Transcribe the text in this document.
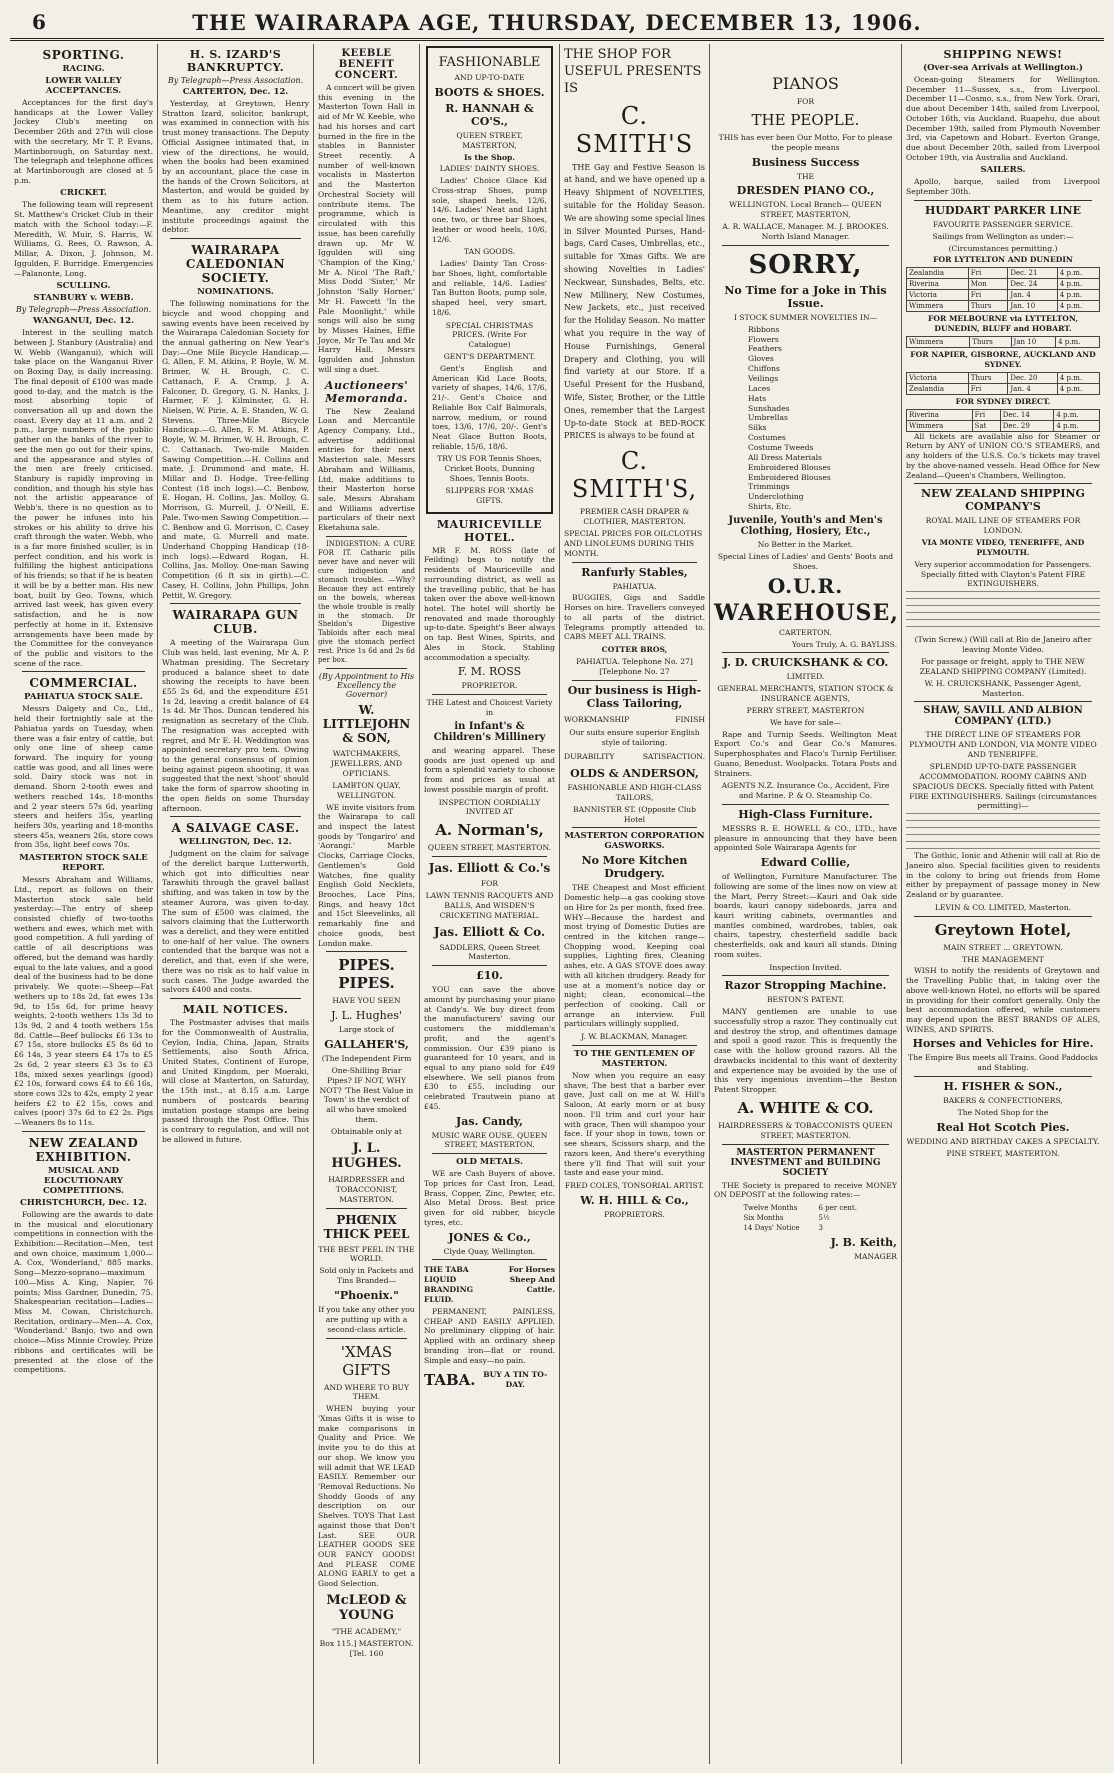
6	THE WAIRARAPA AGE, THURSDAY, DECEMBER 13, 1906.
SPORTING.
RACING.
LOWER VALLEY ACCEPTANCES.

Acceptances for the first day's handicaps at the Lower Valley Jockey Club's meeting on December 26th and 27th will close with the secretary, Mr T. P. Evans, Martinborough, on Saturday next. The telegraph and telephone offices at Martinborough are closed at 5 p.m.

CRICKET.

The following team will represent St. Matthew's Cricket Club in their match with the School today:—F. Meredith, W. Muir, S. Harris, W. Williams, G. Rees, O. Rawson, A. Millar, A. Dixon, J. Johnson, M. Iggulden, F. Burridge. Emergencies—Palanonte, Long.

SCULLING.
STANBURY v. WEBB.
By Telegraph—Press Association.
WANGANUI, Dec. 12.

Interest in the sculling match between J. Stanbury (Australia) and W. Webb (Wanganui), which will take place on the Wanganui River on Boxing Day, is daily increasing. The final deposit of £100 was made good to-day, and the match is the most absorbing topic of conversation all up and down the coast. Every day at 11 a.m. and 2 p.m., large numbers of the public gather on the banks of the river to see the men go out for their spins, and the appearance and styles of the men are freely criticised. Stanbury is rapidly improving in condition, and though his style has not the artistic appearance of Webb's, there is no question as to the power he infuses into his strokes or his ability to drive his craft through the water. Webb, who is a far more finished sculler, is in perfect condition, and his work is fulfilling the highest anticipations of his friends; so that if he is beaten it will be by a better man. His new boat, built by Geo. Towns, which arrived last week, has given every satisfaction, and he is now perfectly at home in it. Extensive arrangements have been made by the Committee for the conveyance of the public and visitors to the scene of the race.

COMMERCIAL.
PAHIATUA STOCK SALE.

Messrs Dalgety and Co., Ltd., held their fortnightly sale at the Pahiatua yards on Tuesday, when there was a fair entry of cattle, but only one line of sheep came forward. The inquiry for young cattle was good, and all lines were sold. Dairy stock was not in demand. Shorn 2-tooth ewes and wethers reached 14s, 18-months and 2 year steers 57s 6d, yearling steers and heifers 35s, yearling heifers 30s, yearling and 18-months steers 45s, weaners 26s, store cows from 35s, light beef cows 70s.

MASTERTON STOCK SALE REPORT.

Messrs Abraham and Williams, Ltd., report as follows on their Masterton stock sale held yesterday:—The entry of sheep consisted chiefly of two-tooths wethers and ewes, which met with good competition. A full yarding of cattle of all descriptions was offered, but the demand was hardly equal to the late values, and a good deal of the business had to be done privately. We quote:—Sheep—Fat wethers up to 18s 2d, fat ewes 13s 9d, to 15s 6d, for prime heavy weights, 2-tooth wethers 13s 3d to 13s 9d, 2 and 4 tooth wethers 15s 8d. Cattle—Beef bullocks £6 13s to £7 15s, store bullocks £5 8s 6d to £6 14s, 3 year steers £4 17s to £5 2s 6d, 2 year steers £3 3s to £3 18s, mixed sexes yearlings (good) £2 10s, forward cows £4 to £6 16s, store cows 32s to 42s, empty 2 year heifers £2 to £2 15s, cows and calves (poor) 37s 6d to £2 2s. Pigs—Weaners 8s to 11s.

NEW ZEALAND EXHIBITION.
MUSICAL AND ELOCUTIONARY COMPETITIONS.
CHRISTCHURCH, Dec. 12.

Following are the awards to date in the musical and elocutionary competitions in connection with the Exhibition:—Recitation—Men, test and own choice, maximum 1,000—A. Cox, 'Wonderland,' 885 marks. Song—Mezzo-soprano—maximum 100—Miss A. King, Napier, 76 points; Miss Gardner, Dunedin, 75. Shakespearian recitation—Ladies—Miss M. Cowan, Christchurch. Recitation, ordinary—Men—A. Cox, 'Wonderland.' Banjo, two and own choice—Miss Minnie Crowley. Prize ribbons and certificates will be presented at the close of the competitions.

H. S. IZARD'S BANKRUPTCY.
By Telegraph—Press Association.
CARTERTON, Dec. 12.

Yesterday, at Greytown, Henry Stratton Izard, solicitor, bankrupt, was examined in connection with his trust money transactions. The Deputy Official Assignee intimated that, in view of the directions, he would, when the books had been examined by an accountant, place the case in the hands of the Crown Solicitors, at Masterton, and would be guided by them as to his future action. Meantime, any creditor might institute proceedings against the debtor.

WAIRARAPA CALEDONIAN SOCIETY.
NOMINATIONS.

The following nominations for the bicycle and wood chopping and sawing events have been received by the Wairarapa Caledonian Society for the annual gathering on New Year's Day:—One Mile Bicycle Handicap.—G. Allen, F. M. Atkins, P. Boyle, W. M. Brimer, W. H. Brough, C. C. Cattanach, F. A. Cramp, J. A. Falconer, D. Gregory, G. N. Hanks, J. Harmer, F. J. Kilminster, G. H. Nielsen, W. Pirie, A. E. Standen, W. G. Stevens. Three-Mile Bicycle Handicap.—G. Allen, F. M. Atkins, P. Boyle, W. M. Brimer, W. H. Brough, C. C. Cattanach. Two-mile Maiden Sawing Competition.—H. Collins and mate, J. Drummond and mate, H. Millar and D. Hodge. Tree-felling Contest (18 inch logs).—C. Benbow, E. Hogan, H. Collins, Jas. Molloy, G. Morrison, G. Murrell, J. O'Neill, E. Pale. Two-men Sawing Competition.—C. Benbow and G. Morrison, C. Casey and mate, G. Murrell and mate. Underhand Chopping Handicap (18-inch logs).—Edward Rogan, H. Collins, Jas. Molloy. One-man Sawing Competition (6 ft six in girth).—C. Casey, H. Collins, John Phillips, John Pettit, W. Gregory.

WAIRARAPA GUN CLUB.

A meeting of the Wairarapa Gun Club was held, last evening, Mr A. P. Whatman presiding. The Secretary produced a balance sheet to date showing the receipts to have been £55 2s 6d, and the expenditure £51 1s 2d, leaving a credit balance of £4 1s 4d. Mr Thos. Duncan tendered his resignation as secretary of the Club. The resignation was accepted with regret, and Mr E. H. Weddington was appointed secretary pro tem. Owing to the general consensus of opinion being against pigeon shooting, it was suggested that the next 'shoot' should take the form of sparrow shooting in the open fields on some Thursday afternoon.

A SALVAGE CASE.
WELLINGTON, Dec. 12.

Judgment on the claim for salvage of the derelict barque Lutterworth, which got into difficulties near Tarawhiti through the gravel ballast shifting, and was taken in tow by the steamer Aurora, was given to-day. The sum of £500 was claimed, the salvors claiming that the Lutterworth was a derelict, and they were entitled to one-half of her value. The owners contended that the barque was not a derelict, and that, even if she were, there was no risk as to half value in such cases. The Judge awarded the salvors £400 and costs.

MAIL NOTICES.

The Postmaster advises that mails for the Commonwealth of Australia, Ceylon, India, China, Japan, Straits Settlements, also South Africa, United States, Continent of Europe, and United Kingdom, per Moeraki, will close at Masterton, on Saturday, the 15th inst., at 8.15 a.m. Large numbers of postcards bearing imitation postage stamps are being passed through the Post Office. This is contrary to regulation, and will not be allowed in future.

KEEBLE BENEFIT CONCERT.

A concert will be given this evening in the Masterton Town Hall in aid of Mr W. Keeble, who had his horses and cart burned in the fire in the stables in Bannister Street recently. A number of well-known vocalists in Masterton and the Masterton Orchestral Society will contribute items. The programme, which is circulated with this issue, has been carefully drawn up. Mr W. Iggulden will sing 'Champion of the King,' Mr A. Nicol 'The Raft,' Miss Dodd 'Sister,' Mr Johnston 'Sally Horner,' Mr H. Fawcett 'In the Pale Moonlight,' while songs will also be sung by Misses Haines, Effie Joyce, Mr Te Tau and Mr Harry Hall. Messrs Iggulden and Johnston will sing a duet.

Auctioneers' Memoranda.

The New Zealand Loan and Mercantile Agency Company, Ltd., advertise additional entries for their next Masterton sale. Messrs Abraham and Williams, Ltd, make additions to their Masterton horse sale. Messrs Abraham and Williams advertise particulars of their next Eketahuna sale.

INDIGESTION: A CURE FOR IT. Catharic pills never have and never will cure indigestion and stomach troubles. —Why? Because they act entirely on the bowels, whereas the whole trouble is really in the stomach. Dr Sheldon's Digestive Tabloids after each meal give the stomach perfect rest. Price 1s 6d and 2s 6d per box.

(By Appointment to His Excellency the Governor)
W. LITTLEJOHN & SON,
WATCHMAKERS, JEWELLERS, AND OPTICIANS.
LAMBTON QUAY, WELLINGTON.

WE invite visitors from the Wairarapa to call and inspect the latest goods by 'Tongariro' and 'Aorangi.' Marble Clocks, Carriage Clocks, Gentlemen's Gold Watches, fine quality English Gold Necklets, Brooches, Lace Pins, Rings, and heavy 18ct and 15ct Sleevelinks, all remarkably fine and choice goods, best London make.

PIPES. PIPES.
HAVE YOU SEEN
J. L. Hughes'
Large stock of
GALLAHER'S,
(The Independent Firm
One-Shilling Briar Pipes? IF NOT, WHY NOT? 'The Best Value in Town' is the verdict of all who have smoked them.
Obtainable only at
J. L. HUGHES.
HAIRDRESSER and TOBACCONIST, MASTERTON.
PHŒNIX THICK PEEL
THE BEST PEEL IN THE WORLD.
Sold only in Packets and Tins Branded—
"Phoenix."
If you take any other you are putting up with a second-class article.
'XMAS GIFTS
AND WHERE TO BUY THEM.

WHEN buying your 'Xmas Gifts it is wise to make comparisons in Quality and Price. We invite you to do this at our shop. We know you will admit that WE LEAD EASILY. Remember our 'Removal Reductions. No Shoddy Goods of any description on our Shelves. TOYS That Last against those that Don't Last. SEE OUR LEATHER GOODS SEE OUR FANCY GOODS! And PLEASE COME ALONG EARLY to get a Good Selection.

McLEOD & YOUNG
"THE ACADEMY,"
Box 115.] MASTERTON. [Tel. 160
FASHIONABLE
AND UP-TO-DATE
BOOTS & SHOES.
R. HANNAH & CO'S.,
QUEEN STREET, MASTERTON,
Is the Shop.
LADIES' DAINTY SHOES.

Ladies' Choice Glace Kid Cross-strap Shoes, pump sole, shaped heels, 12/6, 14/6. Ladies' Neat and Light one, two, or three bar Shoes, leather or wood heels, 10/6, 12/6.

TAN GOODS.

Ladies' Dainty Tan Cross-bar Shoes, light, comfortable and reliable, 14/6. Ladies' Tan Button Boots, pump sole, shaped heel, very smart, 18/6.

SPECIAL CHRISTMAS PRICES. (Write For Catalogue)
GENT'S DEPARTMENT.

Gent's English and American Kid Lace Boots, variety of shapes, 14/6, 17/6, 21/-. Gent's Choice and Reliable Box Calf Balmorals, narrow, medium, or round toes, 13/6, 17/6, 20/-. Gent's Neat Glace Button Boots, reliable, 15/6, 18/6.

TRY US FOR Tennis Shoes, Cricket Boots, Dunning Shoes, Tennis Boots.
SLIPPERS FOR 'XMAS GIFTS.
MAURICEVILLE HOTEL.

MR F. M. ROSS (late of Feilding) begs to notify the residents of Mauriceville and surrounding district, as well as the travelling public, that he has taken over the above well-known hotel. The hotel will shortly be renovated and made thoroughly up-to-date. Speight's Beer always on tap. Best Wines, Spirits, and Ales in Stock. Stabling accommodation a specialty.

F. M. ROSS
PROPRIETOR.
THE Latest and Choicest Variety in
in Infant's & Children's Millinery

and wearing apparel. These goods are just opened up and form a splendid variety to choose from and prices as usual at lowest possible margin of profit.

INSPECTION CORDIALLY INVITED AT
A. Norman's,
QUEEN STREET, MASTERTON.
Jas. Elliott & Co.'s
FOR
LAWN TENNIS RACQUETS AND BALLS, And WISDEN'S CRICKETING MATERIAL.
Jas. Elliott & Co.
SADDLERS, Queen Street Masterton.
£10.

YOU can save the above amount by purchasing your piano at Candy's. We buy direct from the manufacturers' saving our customers the middleman's profit, and the agent's commission. Our £39 piano is guaranteed for 10 years, and is equal to any piano sold for £49 elsewhere. We sell pianos from £30 to £55, including our celebrated Trautwein piano at £45.

Jas. Candy,
MUSIC WARE OUSE. QUEEN STREET, MASTERTON.
OLD METALS.

WE are Cash Buyers of above. Top prices for Cast Iron, Lead, Brass, Copper, Zinc, Pewter, etc. Also Metal Dross. Best price given for old rubber, bicycle tyres, etc.

JONES & Co.,
Clyde Quay, Wellington.
THE TABA LIQUID BRANDING FLUID.
For Horses Sheep And Cattle.

PERMANENT, PAINLESS, CHEAP AND EASILY APPLIED. No preliminary clipping of hair. Applied with an ordinary sheep branding iron—flat or round. Simple and easy—no pain.

TABA.	BUY A TIN TO-DAY.
THE SHOP FOR USEFUL PRESENTS IS
C. SMITH'S

THE Gay and Festive Season is at hand, and we have opened up a Heavy Shipment of NOVELTIES, suitable for the Holiday Season. We are showing some special lines in Silver Mounted Purses, Hand-bags, Card Cases, Umbrellas, etc., suitable for 'Xmas Gifts. We are showing Novelties in Ladies' Neckwear, Sunshades, Belts, etc. New Millinery, New Costumes, New Jackets, etc., just received for the Holiday Season. No matter what you require in the way of House Furnishings, General Drapery and Clothing, you will find variety at our Store. If a Useful Present for the Husband, Wife, Sister, Brother, or the Little Ones, remember that the Largest Up-to-date Stock at BED-ROCK PRICES is always to be found at

C. SMITH'S,
PREMIER CASH DRAPER & CLOTHIER, MASTERTON.
SPECIAL PRICES FOR OILCLOTHS AND LINOLEUMS DURING THIS MONTH.
Ranfurly Stables,
PAHIATUA.

BUGGIES, Gigs and Saddle Horses on hire. Travellers conveyed to all parts of the district. Telegrams promptly attended to. CABS MEET ALL TRAINS.

COTTER BROS,
PAHIATUA. Telephone No. 27] [Telephone No. 27
Our business is High-Class Tailoring,
WORKMANSHIP	FINISH
Our suits ensure superior English style of tailoring.
DURABILITY	SATISFACTION.
OLDS & ANDERSON,
FASHIONABLE AND HIGH-CLASS TAILORS,
BANNISTER ST. (Opposite Club Hotel
MASTERTON CORPORATION GASWORKS.
No More Kitchen Drudgery.

THE Cheapest and Most efficient Domestic help—a gas cooking stove on Hire for 2s per month, fixed free. WHY—Because the hardest and most trying of Domestic Duties are centred in the kitchen range—Chopping wood, Keeping coal supplies, Lighting fires, Cleaning ashes, etc. A GAS STOVE does away with all kitchen drudgery. Ready for use at a moment's notice day or night; clean, economical—the perfection of cooking. Call or arrange an interview. Full particulars willingly supplied.

J. W. BLACKMAN, Manager.
TO THE GENTLEMEN OF MASTERTON.

Now when you require an easy shave, The best that a barber ever gave, Just call on me at W. Hill's Saloon, At early morn or at busy noon. I'll trim and curl your hair with grace, Then will shampoo your face. If your shop in town, town or see shears, Scissors sharp, and the razors keen, And there's everything there y'll find That will suit your taste and ease your mind.

FRED COLES, TONSORIAL ARTIST.
W. H. HILL & Co.,
PROPRIETORS.
PIANOS
FOR
THE PEOPLE.
THIS has ever been Our Motto, For to please the people means
Business Success
THE
DRESDEN PIANO CO.,
WELLINGTON. Local Branch— QUEEN STREET, MASTERTON,
A. R. WALLACE, Manager. M. J. BROOKES. North Island Manager.
SORRY,
No Time for a Joke in This Issue.
I STOCK SUMMER NOVELTIES IN—
Ribbons
Flowers
Feathers
Gloves
Chiffons
Veilings
Laces
Hats
Sunshades
Umbrellas
Silks
Costumes
Costume Tweeds
All Dress Materials
Embroidered Blouses
Embroidered Blouses
Trimmings
Underclothing
Shirts, Etc.
Juvenile, Youth's and Men's Clothing, Hosiery, Etc.,
No Better in the Market.
Special Lines of Ladies' and Gents' Boots and Shoes.
O.U.R.
WAREHOUSE,
CARTERTON.
Yours Truly, A. G. BAYLISS.
J. D. CRUICKSHANK & CO.
LIMITED.
GENERAL MERCHANTS, STATION STOCK & INSURANCE AGENTS,
PERRY STREET, MASTERTON
We have for sale—

Rape and Turnip Seeds. Wellington Meat Export Co.'s and Gear Co.'s Manures. Superphosphates and Flaco's Turnip Fertiliser. Guano, Benedust. Woolpacks. Totara Posts and Strainers.

AGENTS N.Z. Insurance Co., Accident, Fire and Marine. P. & O. Steamship Co.
High-Class Furniture.

MESSRS R. E. HOWELL & CO., LTD., have pleasure in announcing that they have been appointed Sole Wairarapa Agents for

Edward Collie,

of Wellington, Furniture Manufacturer. The following are some of the lines now on view at the Mart, Perry Street:—Kauri and Oak side boards, kauri canopy sideboards, jarra and kauri writing cabinets, overmantles and mantles combined, wardrobes, tables, oak chairs, tapestry, chesterfield saddle back chesterfields, oak and kauri all stands. Dining room suites.

Inspection Invited.
Razor Stropping Machine.
BESTON'S PATENT.

MANY gentlemen are unable to use successfully strop a razor. They continually cut and destroy the strop, and oftentimes damage and spoil a good razor. This is frequently the case with the hollow ground razors. All the drawbacks incidental to this want of dexterity and experience may be avoided by the use of this very ingenious invention—the Beston Patent Stropper.

A. WHITE & CO.
HAIRDRESSERS & TOBACCONISTS QUEEN STREET, MASTERTON.
MASTERTON PERMANENT INVESTMENT and BUILDING SOCIETY

THE Society is prepared to receive MONEY ON DEPOSIT at the following rates:—

Twelve Months	6 per cent.
Six Months	5½
14 Days' Notice	3
J. B. Keith,
MANAGER
SHIPPING NEWS!
(Over-sea Arrivals at Wellington.)

Ocean-going Steamers for Wellington. December 11—Sussex, s.s., from Liverpool. December 11—Cosmo, s.s., from New York. Orari, due about December 14th, sailed from Liverpool, October 16th, via Auckland. Ruapehu, due about December 19th, sailed from Plymouth November 3rd, via Capetown and Hobart. Everton Grange, due about December 20th, sailed from Liverpool October 19th, via Australia and Auckland.

SAILERS.

Apollo, barque, sailed from Liverpool September 30th.

HUDDART PARKER LINE
FAVOURITE PASSENGER SERVICE.
Sailings from Wellington as under:—
(Circumstances permitting.)
FOR LYTTELTON AND DUNEDIN
Zealandia	Fri	Dec. 21	4 p.m.
Riverina	Mon	Dec. 24	4 p.m.
Victoria	Fri	Jan. 4	4 p.m.
Wimmera	Thurs	Jan. 10	4 p.m.
FOR MELBOURNE via LYTTELTON, DUNEDIN, BLUFF and HOBART.
Wimmera	Thurs	Jan 10	4 p.m.
FOR NAPIER, GISBORNE, AUCKLAND AND SYDNEY.
Victoria	Thurs	Dec. 20	4 p.m.
Zealandia	Fri	Jan. 4	4 p.m.
FOR SYDNEY DIRECT.
Riverina	Fri	Dec. 14	4 p.m.
Wimmera	Sat	Dec. 29	4 p.m.

All tickets are available also for Steamer or Return by ANY of UNION CO.'S STEAMERS, and any holders of the U.S.S. Co.'s tickets may travel by the above-named vessels. Head Office for New Zealand—Queen's Chambers, Wellington.

NEW ZEALAND SHIPPING COMPANY'S
ROYAL MAIL LINE OF STEAMERS FOR LONDON.
VIA MONTE VIDEO, TENERIFFE, AND PLYMOUTH.
Very superior accommodation for Passengers. Specially fitted with Clayton's Patent FIRE EXTINGUISHERS.
(Twin Screw.) (Will call at Rio de Janeiro after leaving Monte Video.
For passage or freight, apply to THE NEW ZEALAND SHIPPING COMPANY (Limited).
W. H. CRUICKSHANK, Passenger Agent, Masterton.
SHAW, SAVILL AND ALBION COMPANY (LTD.)
THE DIRECT LINE OF STEAMERS FOR PLYMOUTH AND LONDON, VIA MONTE VIDEO AND TENERIFFE.
SPLENDID UP-TO-DATE PASSENGER ACCOMMODATION. ROOMY CABINS AND SPACIOUS DECKS. Specially fitted with Patent FIRE EXTINGUISHERS. Sailings (circumstances permitting)—

The Gothic, Ionic and Athenic will call at Rio de Janeiro also. Special facilities given to residents in the colony to bring out friends from Home either by prepayment of passage money in New Zealand or by guarantee.

LEVIN & CO. LIMITED, Masterton.
Greytown Hotel,
MAIN STREET ... GREYTOWN.
THE MANAGEMENT

WISH to notify the residents of Greytown and the Travelling Public that, in taking over the above well-known Hotel, no efforts will be spared in providing for their comfort generally. Only the best accommodation offered, while customers may depend upon the BEST BRANDS OF ALES, WINES, AND SPIRITS.

Horses and Vehicles for Hire.
The Empire Bus meets all Trains. Good Paddocks and Stabling.
H. FISHER & SON.,
BAKERS & CONFECTIONERS,
The Noted Shop for the
Real Hot Scotch Pies.
WEDDING AND BIRTHDAY CAKES A SPECIALTY.
PINE STREET, MASTERTON.
